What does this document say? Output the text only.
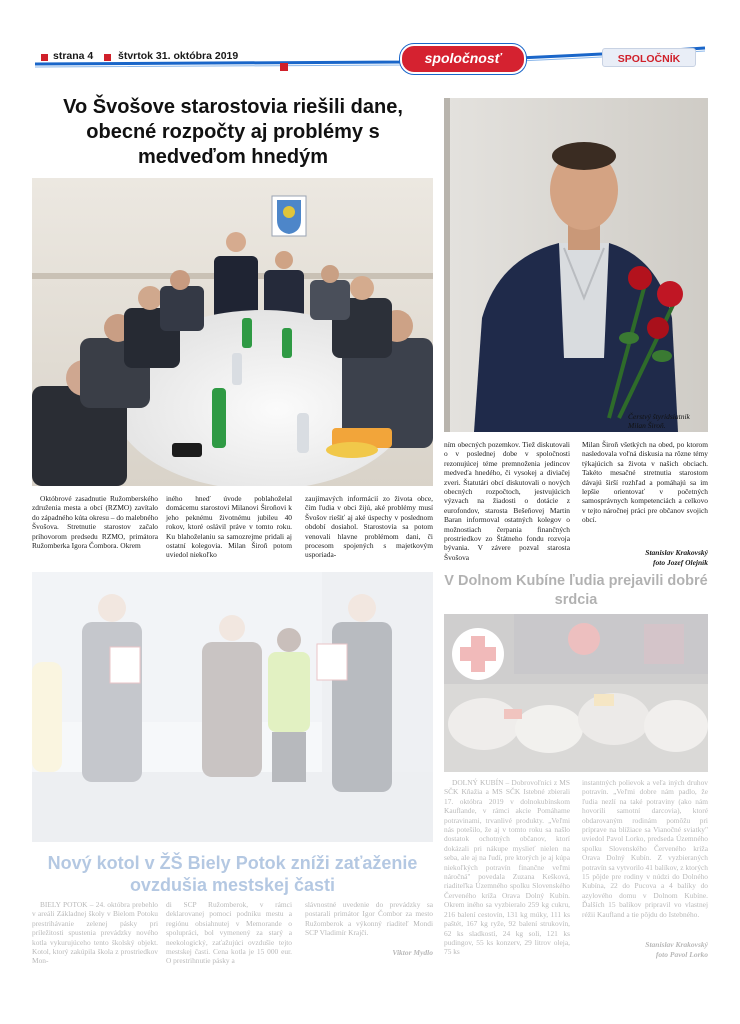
strana 4 štvrtok 31. októbra 2019	spoločnosť	SPOLOČNÍK
Vo Švošove starostovia riešili dane, obecné rozpočty aj problémy s medveďom hnedým
Čerstvý štyridsiatnik
Milan Široň.

Októbrové zasadnutie Ružomberského združenia mesta a obcí (RZMO) zavítalo do západného kúta okresu – do malebného Švošova. Stretnutie starostov začalo príhovorom predsedu RZMO, primátora Ružomberka Igora Čombora. Okrem

iného hneď úvode poblahoželal domácemu starostovi Milanovi Široňovi k jeho peknému životnému jubileu 40 rokov, ktoré oslávil práve v tomto roku. Ku blahoželaniu sa samozrejme pridali aj ostatní kolegovia. Milan Široň potom uviedol niekoľko

zaujímavých informácií zo života obce, čím ľudia v obci žijú, aké problémy musí Švošov riešiť aj aké úspechy v poslednom období dosiahol. Starostovia sa potom venovali hlavne problémom dani, či procesom spojených s majetkovým usporiada-

ním obecných pozemkov. Tiež diskutovali o v poslednej dobe v spoločnosti rezonujúcej téme premnoženia jedincov medveďa hnedého, či vysokej a diviačej zveri. Štatutári obcí diskutovali o nových obecných rozpočtoch, jestvujúcich výzvach na žiadosti o dotácie z eurofondov, starosta Bešeňovej Martin Baran informoval ostatných kolegov o možnostiach čerpania finančných prostriedkov zo Štátneho fondu rozvoja bývania. V závere pozval starosta Švošova

Milan Široň všetkých na obed, po ktorom nasledovala voľná diskusia na rôzne témy týkajúcich sa života v našich obciach. Takéto mesačné stretnutia starostom dávajú širší rozhľad a pomáhajú sa im lepšie orientovať v početných samosprávnych kompetenciách a celkovo v tejto náročnej práci pre občanov svojich obcí.

Stanislav Krakovský
foto Jozef Olejník
Nový kotol v ŽŠ Biely Potok zníži zaťaženie ovzdušia mestskej časti

BIELY POTOK – 24. októbra prebehlo v areáli Základnej školy v Bielom Potoku prestrihávanie zelenej pásky pri príležitosti spustenia prevádzky nového kotla vykurujúceho tento školský objekt. Kotol, ktorý zakúpila škola z prostriedkov Mon-

di SCP Ružomberok, v rámci deklarovanej pomoci podniku mestu a regiónu obsiahnutej v Memorande o spolupráci, bol vymenený za starý a neekologický, zaťažujúci ovzdušie tejto mestskej časti. Cena kotla je 15 000 eur. O prestrihnutie pásky a

slávnostné uvedenie do prevádzky sa postarali primátor Igor Čombor za mesto Ružomberok a výkonný riaditeľ Mondi SCP Vladimír Krajči.

Viktor Mydlo
V Dolnom Kubíne ľudia prejavili dobré srdcia

DOLNÝ KUBÍN – Dobrovoľníci z MS SČK Kňažia a MS SČK Istebné zbierali 17. októbra 2019 v dolnokubínskom Kauflande, v rámci akcie Pomáhame potravinami, trvanlivé produkty. „Veľmi nás potešilo, že aj v tomto roku sa našlo dostatok ochotných občanov, ktorí dokázali pri nákupe myslieť nielen na seba, ale aj na ľudí, pre ktorých je aj kúpa niekoľkých potravín finančne veľmi náročná" povedala Zuzana Kešková, riaditeľka Územného spolku Slovenského Červeného kríža Orava Dolný Kubín. Okrem iného sa vyzbieralo 259 kg cukru, 216 balení cestovín, 131 kg múky, 111 ks paštét, 167 kg ryže, 92 balení strukovín, 62 ks sladkostí, 24 kg soli, 121 ks pudingov, 55 ks konzerv, 29 litrov oleja, 75 ks

instantných polievok a veľa iných druhov potravín. „Veľmi dobre nám padlo, že ľudia nezlí na také potraviny (ako nám hovorili samotní darcovia), ktoré obdarovaným rodinám pomôžu pri príprave na blížiace sa Vianočné sviatky" uviedol Pavol Lorko, predseda Územného spolku Slovenského Červeného kríža Orava Dolný Kubín. Z vyzbieraných potravín sa vytvorilo 41 balíkov, z ktorých 15 pôjde pre rodiny v núdzi do Dolného Kubína, 22 do Pucova a 4 balíky do azylového domu v Dolnom Kubíne. Ďalších 15 balíkov pripravil vo vlastnej réžii Kaufland a tie pôjdu do Istebného.

Stanislav Krakovský
foto Pavol Lorko
